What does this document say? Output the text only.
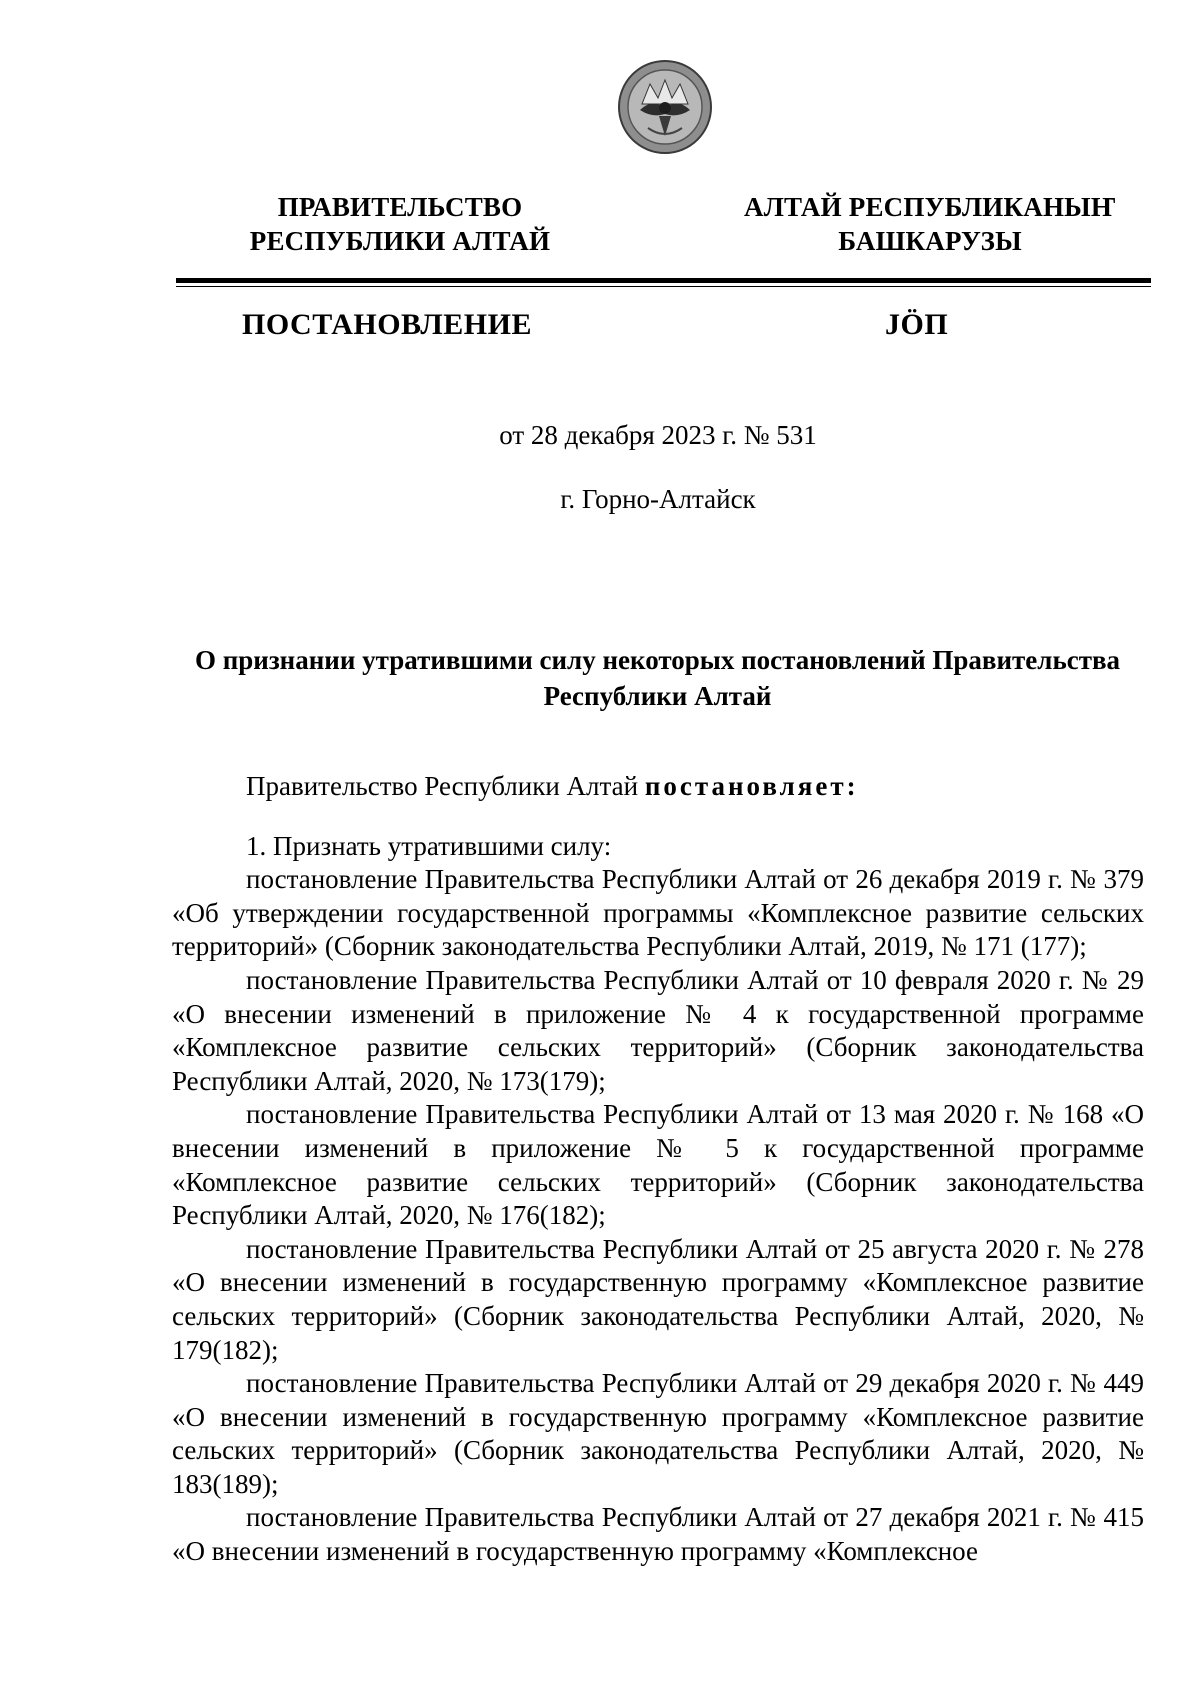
ПРАВИТЕЛЬСТВО
РЕСПУБЛИКИ АЛТАЙ
АЛТАЙ РЕСПУБЛИКАНЫҤ
БАШКАРУЗЫ
ПОСТАНОВЛЕНИЕ	JӦП
от 28 декабря 2023 г. № 531
г. Горно-Алтайск
О признании утратившими силу некоторых постановлений Правительства
Республики Алтай

Правительство Республики Алтай постановляет:

1. Признать утратившими силу:

постановление Правительства Республики Алтай от 26 декабря 2019 г. № 379 «Об утверждении государственной программы «Комплексное развитие сельских территорий» (Сборник законодательства Республики Алтай, 2019, № 171 (177);

постановление Правительства Республики Алтай от 10 февраля 2020 г. № 29 «О внесении изменений в приложение № 4 к государственной программе «Комплексное развитие сельских территорий» (Сборник законодательства Республики Алтай, 2020, № 173(179);

постановление Правительства Республики Алтай от 13 мая 2020 г. № 168 «О внесении изменений в приложение № 5 к государственной программе «Комплексное развитие сельских территорий» (Сборник законодательства Республики Алтай, 2020, № 176(182);

постановление Правительства Республики Алтай от 25 августа 2020 г. № 278 «О внесении изменений в государственную программу «Комплексное развитие сельских территорий» (Сборник законодательства Республики Алтай, 2020, № 179(182);

постановление Правительства Республики Алтай от 29 декабря 2020 г. № 449 «О внесении изменений в государственную программу «Комплексное развитие сельских территорий» (Сборник законодательства Республики Алтай, 2020, № 183(189);

постановление Правительства Республики Алтай от 27 декабря 2021 г. № 415 «О внесении изменений в государственную программу «Комплексное
